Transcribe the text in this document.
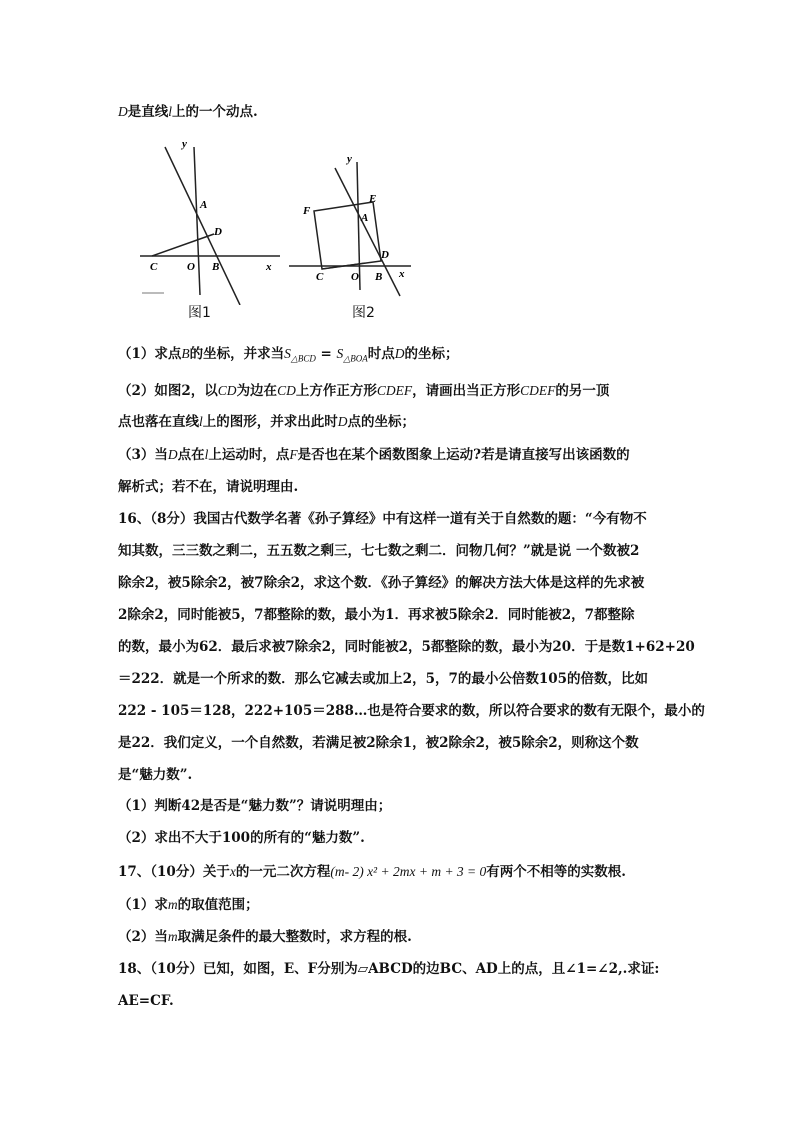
D是直线l上的一个动点.
y
x
A
D
O B
C
图1
y
x
E
F
A
D
C	O B
图2
（1）求点B的坐标，并求当$S_{\triangle BCD} = S_{\triangle BOA}$时点D的坐标；
（2）如图2，以CD为边在CD上方作正方形CDEF，请画出当正方形CDEF的另一顶
点也落在直线l上的图形，并求出此时D点的坐标；
（3）当D点在l上运动时，点F是否也在某个函数图象上运动?若是请直接写出该函数的
解析式；若不在，请说明理由.
16、（8分）我国古代数学名著《孙子算经》中有这样一道有关于自然数的题：“今有物不
知其数，三三数之剩二，五五数之剩三，七七数之剩二．问物几何？”就是说 一个数被2
除余2，被5除余2，被7除余2，求这个数．《孙子算经》的解决方法大体是这样的先求被
2除余2，同时能被5，7都整除的数，最小为1．再求被5除余2．同时能被2，7都整除
的数，最小为62．最后求被7除余2，同时能被2，5都整除的数，最小为20．于是数1+62+20
＝222．就是一个所求的数．那么它减去或加上2，5，7的最小公倍数105的倍数，比如
222 - 105＝128，222+105＝288…也是符合要求的数，所以符合要求的数有无限个，最小的
是22．我们定义，一个自然数，若满足被2除余1，被2除余2，被5除余2，则称这个数
是“魅力数”.
（1）判断42是否是“魅力数”？请说明理由；
（2）求出不大于100的所有的“魅力数”.
17、（10分）关于x的一元二次方程(m- 2) x² + 2mx + m + 3 = 0有两个不相等的实数根.
（1）求m的取值范围；
（2）当m取满足条件的最大整数时，求方程的根.
18、（10分）已知，如图，E、F分别为▱ABCD的边BC、AD上的点，且∠1=∠2,.求证:
AE=CF.
